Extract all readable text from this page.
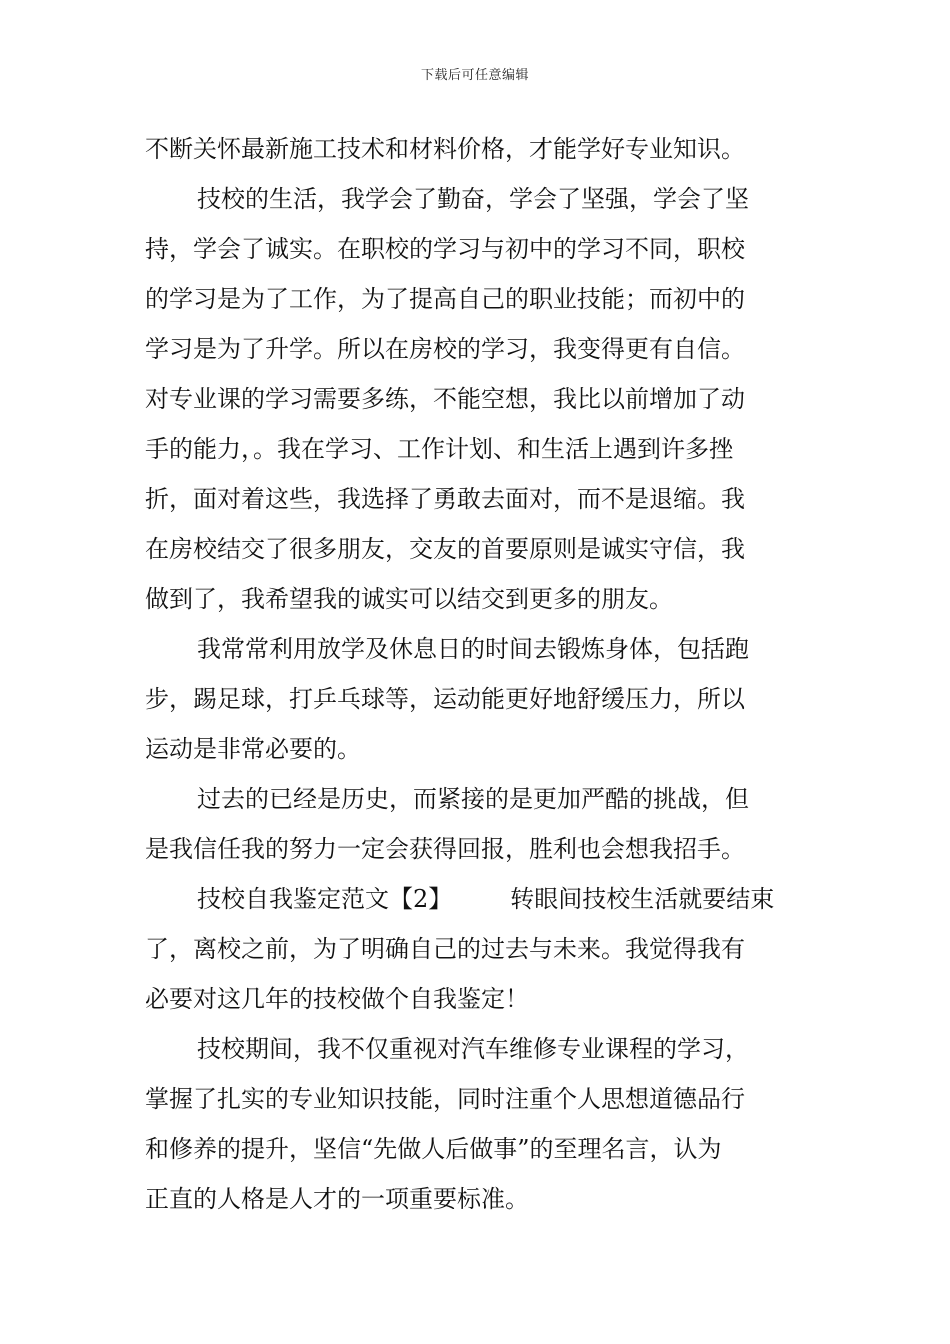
下载后可任意编辑
不断关怀最新施工技术和材料价格，才能学好专业知识。
技校的生活，我学会了勤奋，学会了坚强，学会了坚
持，学会了诚实。在职校的学习与初中的学习不同，职校
的学习是为了工作，为了提高自己的职业技能；而初中的
学习是为了升学。所以在房校的学习，我变得更有自信。
对专业课的学习需要多练，不能空想，我比以前增加了动
手的能力，。我在学习、工作计划、和生活上遇到许多挫
折，面对着这些，我选择了勇敢去面对，而不是退缩。我
在房校结交了很多朋友，交友的首要原则是诚实守信，我
做到了，我希望我的诚实可以结交到更多的朋友。
我常常利用放学及休息日的时间去锻炼身体，包括跑
步，踢足球，打乒乓球等，运动能更好地舒缓压力，所以
运动是非常必要的。
过去的已经是历史，而紧接的是更加严酷的挑战，但
是我信任我的努力一定会获得回报，胜利也会想我招手。
技校自我鉴定范文【2】 转眼间技校生活就要结束
了，离校之前，为了明确自己的过去与未来。我觉得我有
必要对这几年的技校做个自我鉴定！
技校期间，我不仅重视对汽车维修专业课程的学习，
掌握了扎实的专业知识技能，同时注重个人思想道德品行
和修养的提升，坚信“先做人后做事”的至理名言，认为
正直的人格是人才的一项重要标准。
